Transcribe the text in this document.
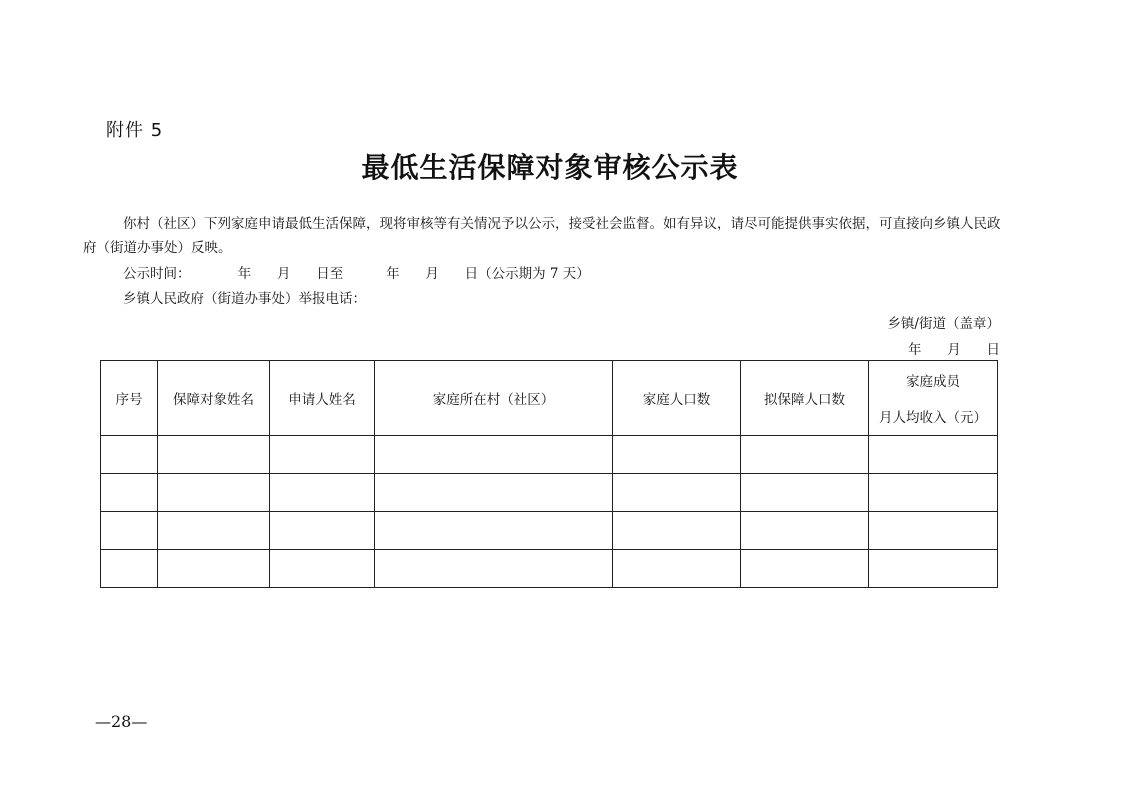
附件 5
最低生活保障对象审核公示表
你村（社区）下列家庭申请最低生活保障，现将审核等有关情况予以公示，接受社会监督。如有异议，请尽可能提供事实依据，可直接向乡镇人民政府（街道办事处）反映。
公示时间：           年      月      日至          年      月      日（公示期为 7 天）
乡镇人民政府（街道办事处）举报电话：
乡镇/街道（盖章）
年      月      日
序号	保障对象姓名	申请人姓名	家庭所在村（社区）	家庭人口数	拟保障人口数	家庭成员
月人均收入（元）

—28—
